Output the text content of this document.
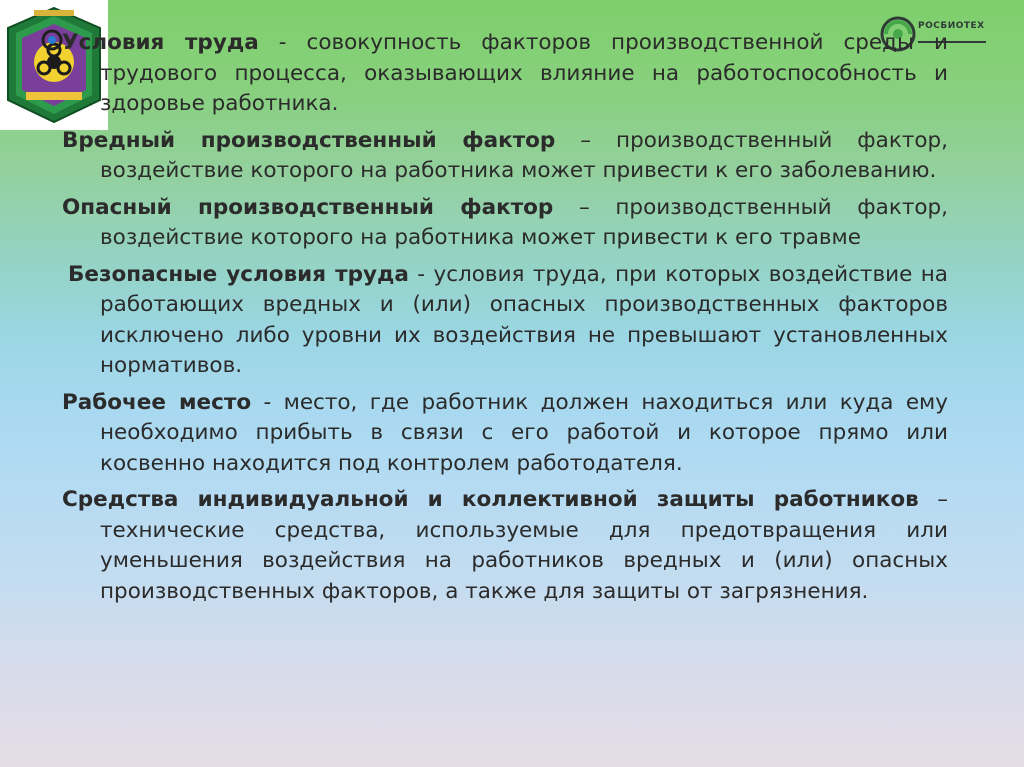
РОСБИОТЕХ

Условия труда - совокупность факторов производственной среды и трудового процесса, оказывающих влияние на работоспособность и здоровье работника.

Вредный производственный фактор – производственный фактор, воздействие которого на работника может привести к его заболеванию.

Опасный производственный фактор – производственный фактор, воздействие которого на работника может привести к его травме

Безопасные условия труда - условия труда, при которых воздействие на работающих вредных и (или) опасных производственных факторов исключено либо уровни их воздействия не превышают установленных нормативов.

Рабочее место - место, где работник должен находиться или куда ему необходимо прибыть в связи с его работой и которое прямо или косвенно находится под контролем работодателя.

Средства индивидуальной и коллективной защиты работников – технические средства, используемые для предотвращения или уменьшения воздействия на работников вредных и (или) опасных производственных факторов, а также для защиты от загрязнения.
